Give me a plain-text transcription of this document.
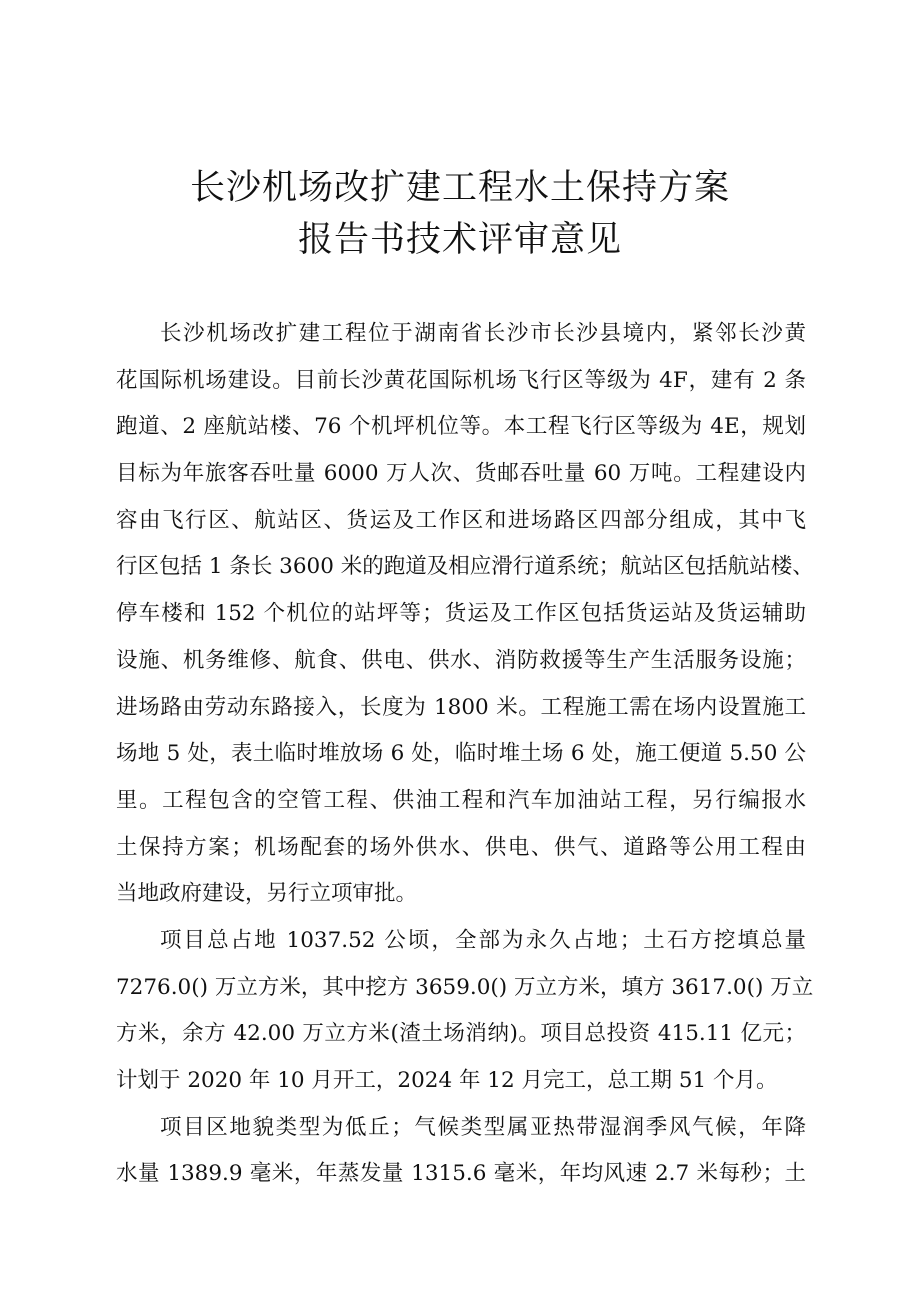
长沙机场改扩建工程水土保持方案
报告书技术评审意见
长沙机场改扩建工程位于湖南省长沙市长沙县境内，紧邻长沙黄
花国际机场建设。目前长沙黄花国际机场飞行区等级为 4F，建有 2 条
跑道、2 座航站楼、76 个机坪机位等。本工程飞行区等级为 4E，规划
目标为年旅客吞吐量 6000 万人次、货邮吞吐量 60 万吨。工程建设内
容由飞行区、航站区、货运及工作区和进场路区四部分组成，其中飞
行区包括 1 条长 3600 米的跑道及相应滑行道系统；航站区包括航站楼、
停车楼和 152 个机位的站坪等；货运及工作区包括货运站及货运辅助
设施、机务维修、航食、供电、供水、消防救援等生产生活服务设施；
进场路由劳动东路接入，长度为 1800 米。工程施工需在场内设置施工
场地 5 处，表土临时堆放场 6 处，临时堆土场 6 处，施工便道 5.50 公
里。工程包含的空管工程、供油工程和汽车加油站工程，另行编报水
土保持方案；机场配套的场外供水、供电、供气、道路等公用工程由
当地政府建设，另行立项审批。
项目总占地 1037.52 公顷，全部为永久占地；土石方挖填总量
7276.0() 万立方米，其中挖方 3659.0() 万立方米，填方 3617.0() 万立
方米，余方 42.00 万立方米(渣土场消纳)。项目总投资 415.11 亿元；
计划于 2020 年 10 月开工，2024 年 12 月完工，总工期 51 个月。
项目区地貌类型为低丘；气候类型属亚热带湿润季风气候，年降
水量 1389.9 毫米，年蒸发量 1315.6 毫米，年均风速 2.7 米每秒；土
